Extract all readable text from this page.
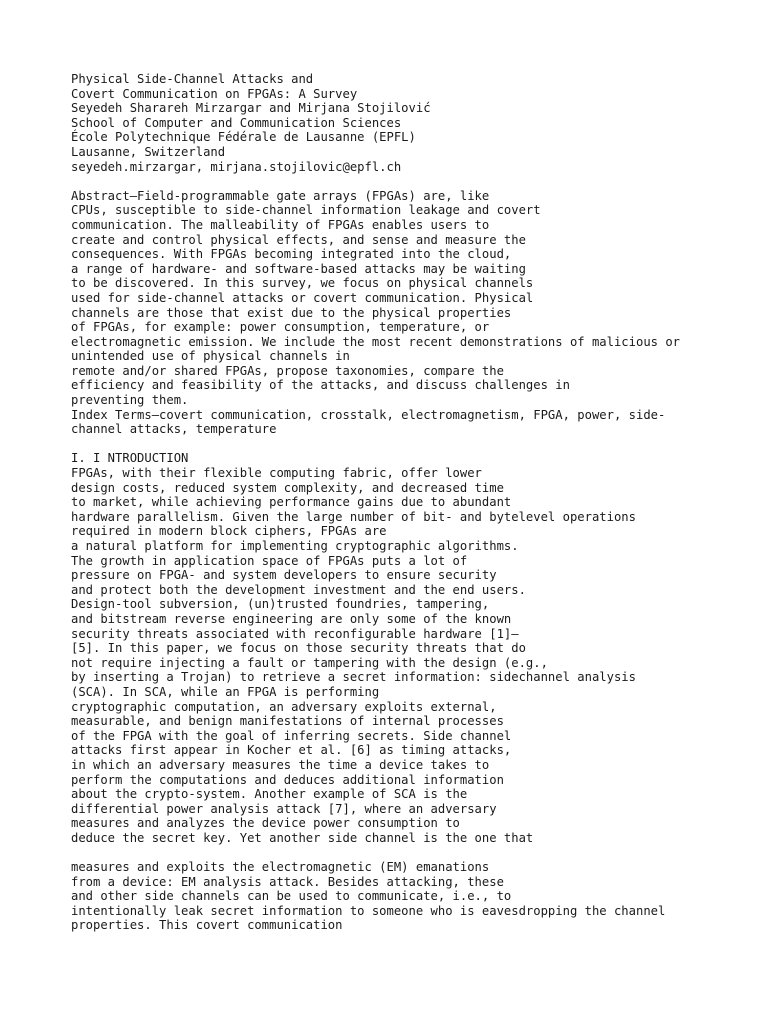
Physical Side-Channel Attacks and
Covert Communication on FPGAs: A Survey
Seyedeh Sharareh Mirzargar and Mirjana Stojilović
School of Computer and Communication Sciences
École Polytechnique Fédérale de Lausanne (EPFL)
Lausanne, Switzerland
seyedeh.mirzargar, mirjana.stojilovic@epfl.ch
Abstract—Field-programmable gate arrays (FPGAs) are, like
CPUs, susceptible to side-channel information leakage and covert
communication. The malleability of FPGAs enables users to
create and control physical effects, and sense and measure the
consequences. With FPGAs becoming integrated into the cloud,
a range of hardware- and software-based attacks may be waiting
to be discovered. In this survey, we focus on physical channels
used for side-channel attacks or covert communication. Physical
channels are those that exist due to the physical properties
of FPGAs, for example: power consumption, temperature, or
electromagnetic emission. We include the most recent demonstrations of malicious or
unintended use of physical channels in
remote and/or shared FPGAs, propose taxonomies, compare the
efficiency and feasibility of the attacks, and discuss challenges in
preventing them.
Index Terms—covert communication, crosstalk, electromagnetism, FPGA, power, side-
channel attacks, temperature
I. I NTRODUCTION
FPGAs, with their flexible computing fabric, offer lower
design costs, reduced system complexity, and decreased time
to market, while achieving performance gains due to abundant
hardware parallelism. Given the large number of bit- and bytelevel operations
required in modern block ciphers, FPGAs are
a natural platform for implementing cryptographic algorithms.
The growth in application space of FPGAs puts a lot of
pressure on FPGA- and system developers to ensure security
and protect both the development investment and the end users.
Design-tool subversion, (un)trusted foundries, tampering,
and bitstream reverse engineering are only some of the known
security threats associated with reconfigurable hardware [1]–
[5]. In this paper, we focus on those security threats that do
not require injecting a fault or tampering with the design (e.g.,
by inserting a Trojan) to retrieve a secret information: sidechannel analysis
(SCA). In SCA, while an FPGA is performing
cryptographic computation, an adversary exploits external,
measurable, and benign manifestations of internal processes
of the FPGA with the goal of inferring secrets. Side channel
attacks first appear in Kocher et al. [6] as timing attacks,
in which an adversary measures the time a device takes to
perform the computations and deduces additional information
about the crypto-system. Another example of SCA is the
differential power analysis attack [7], where an adversary
measures and analyzes the device power consumption to
deduce the secret key. Yet another side channel is the one that
measures and exploits the electromagnetic (EM) emanations
from a device: EM analysis attack. Besides attacking, these
and other side channels can be used to communicate, i.e., to
intentionally leak secret information to someone who is eavesdropping the channel
properties. This covert communication
